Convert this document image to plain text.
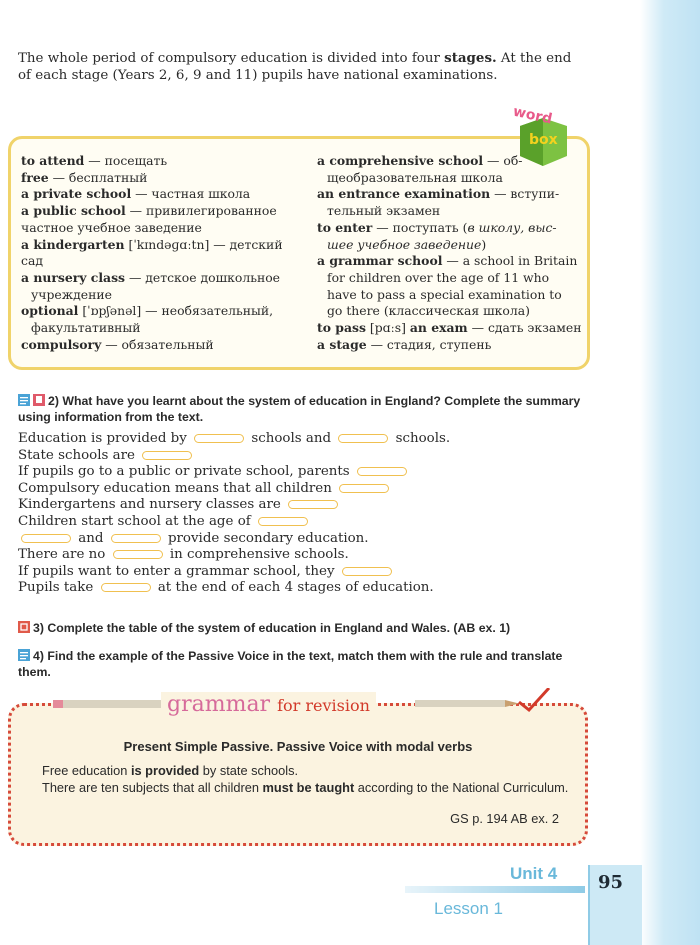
The whole period of compulsory education is divided into four stages. At the end of each stage (Years 2, 6, 9 and 11) pupils have national examinations.
to attend — посещать
free — бесплатный
a private school — частная школа
a public school — привилегированное
частное учебное заведение
a kindergarten [ˈkɪndəɡɑːtn] — детский
сад
a nursery class — детское дошкольное
учреждение
optional [ˈɒpʃənəl] — необязательный,
факультативный
compulsory — обязательный
a comprehensive school — об-
щеобразовательная школа
an entrance examination — вступи-
тельный экзамен
to enter — поступать (в школу, выс-
шее учебное заведение)
a grammar school — a school in Britain
for children over the age of 11 who
have to pass a special examination to
go there (классическая школа)
to pass [pɑːs] an exam — сдать экзамен
a stage — стадия, ступень
word
box
2) What have you learnt about the system of education in England? Complete the summary using information from the text.
Education is provided by	schools and	schools.
State schools are
If pupils go to a public or private school, parents
Compulsory education means that all children
Kindergartens and nursery classes are
Children start school at the age of
and	provide secondary education.
There are no	in comprehensive schools.
If pupils want to enter a grammar school, they
Pupils take	at the end of each 4 stages of education.
3) Complete the table of the system of education in England and Wales. (AB ex. 1)
4) Find the example of the Passive Voice in the text, match them with the rule and translate them.
grammar for revision
Present Simple Passive. Passive Voice with modal verbs
Free education is provided by state schools.
There are ten subjects that all children must be taught according to the National Curriculum.
GS p. 194 AB ex. 2
Unit 4
Lesson 1
95
